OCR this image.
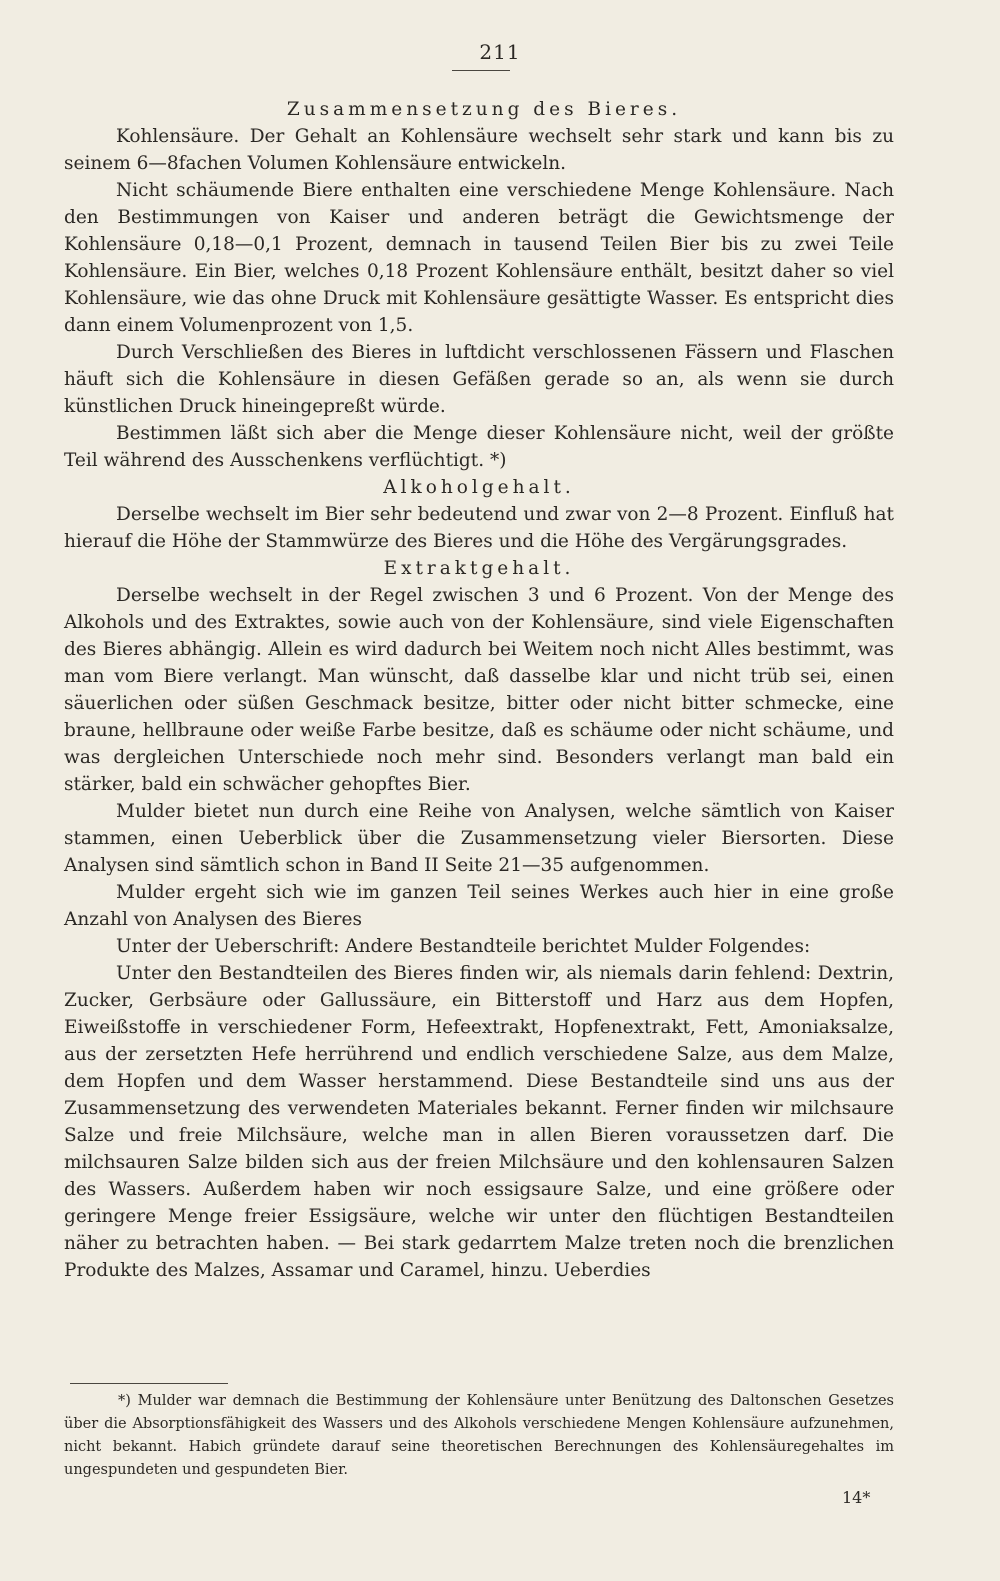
211
Zusammensetzung des Bieres.

Kohlensäure. Der Gehalt an Kohlensäure wechselt sehr stark und kann bis zu seinem 6—8fachen Volumen Kohlensäure entwickeln.

Nicht schäumende Biere enthalten eine verschiedene Menge Kohlensäure. Nach den Bestimmungen von Kaiser und anderen beträgt die Gewichtsmenge der Kohlensäure 0,18—0,1 Prozent, demnach in tausend Teilen Bier bis zu zwei Teile Kohlensäure. Ein Bier, welches 0,18 Prozent Kohlensäure enthält, besitzt daher so viel Kohlensäure, wie das ohne Druck mit Kohlensäure gesättigte Wasser. Es entspricht dies dann einem Volumenprozent von 1,5.

Durch Verschließen des Bieres in luftdicht verschlossenen Fässern und Flaschen häuft sich die Kohlensäure in diesen Gefäßen gerade so an, als wenn sie durch künstlichen Druck hineingepreßt würde.

Bestimmen läßt sich aber die Menge dieser Kohlensäure nicht, weil der größte Teil während des Ausschenkens verflüchtigt. *)

Alkoholgehalt.

Derselbe wechselt im Bier sehr bedeutend und zwar von 2—8 Prozent. Einfluß hat hierauf die Höhe der Stammwürze des Bieres und die Höhe des Vergärungsgrades.

Extraktgehalt.

Derselbe wechselt in der Regel zwischen 3 und 6 Prozent. Von der Menge des Alkohols und des Extraktes, sowie auch von der Kohlensäure, sind viele Eigenschaften des Bieres abhängig. Allein es wird dadurch bei Weitem noch nicht Alles bestimmt, was man vom Biere verlangt. Man wünscht, daß dasselbe klar und nicht trüb sei, einen säuerlichen oder süßen Geschmack besitze, bitter oder nicht bitter schmecke, eine braune, hellbraune oder weiße Farbe besitze, daß es schäume oder nicht schäume, und was dergleichen Unterschiede noch mehr sind. Besonders verlangt man bald ein stärker, bald ein schwächer gehopftes Bier.

Mulder bietet nun durch eine Reihe von Analysen, welche sämtlich von Kaiser stammen, einen Ueberblick über die Zusammensetzung vieler Biersorten. Diese Analysen sind sämtlich schon in Band II Seite 21—35 aufgenommen.

Mulder ergeht sich wie im ganzen Teil seines Werkes auch hier in eine große Anzahl von Analysen des Bieres

Unter der Ueberschrift: Andere Bestandteile berichtet Mulder Folgendes:

Unter den Bestandteilen des Bieres finden wir, als niemals darin fehlend: Dextrin, Zucker, Gerbsäure oder Gallussäure, ein Bitterstoff und Harz aus dem Hopfen, Eiweißstoffe in verschiedener Form, Hefeextrakt, Hopfenextrakt, Fett, Amoniaksalze, aus der zersetzten Hefe herrührend und endlich verschiedene Salze, aus dem Malze, dem Hopfen und dem Wasser herstammend. Diese Bestandteile sind uns aus der Zusammensetzung des verwendeten Materiales bekannt. Ferner finden wir milchsaure Salze und freie Milchsäure, welche man in allen Bieren voraussetzen darf. Die milchsauren Salze bilden sich aus der freien Milchsäure und den kohlensauren Salzen des Wassers. Außerdem haben wir noch essigsaure Salze, und eine größere oder geringere Menge freier Essigsäure, welche wir unter den flüchtigen Bestandteilen näher zu betrachten haben. — Bei stark gedarrtem Malze treten noch die brenzlichen Produkte des Malzes, Assamar und Caramel, hinzu. Ueberdies

*) Mulder war demnach die Bestimmung der Kohlensäure unter Benützung des Daltonschen Gesetzes über die Absorptionsfähigkeit des Wassers und des Alkohols verschiedene Mengen Kohlensäure aufzunehmen, nicht bekannt. Habich gründete darauf seine theoretischen Berechnungen des Kohlensäuregehaltes im ungespundeten und gespundeten Bier.

14*
